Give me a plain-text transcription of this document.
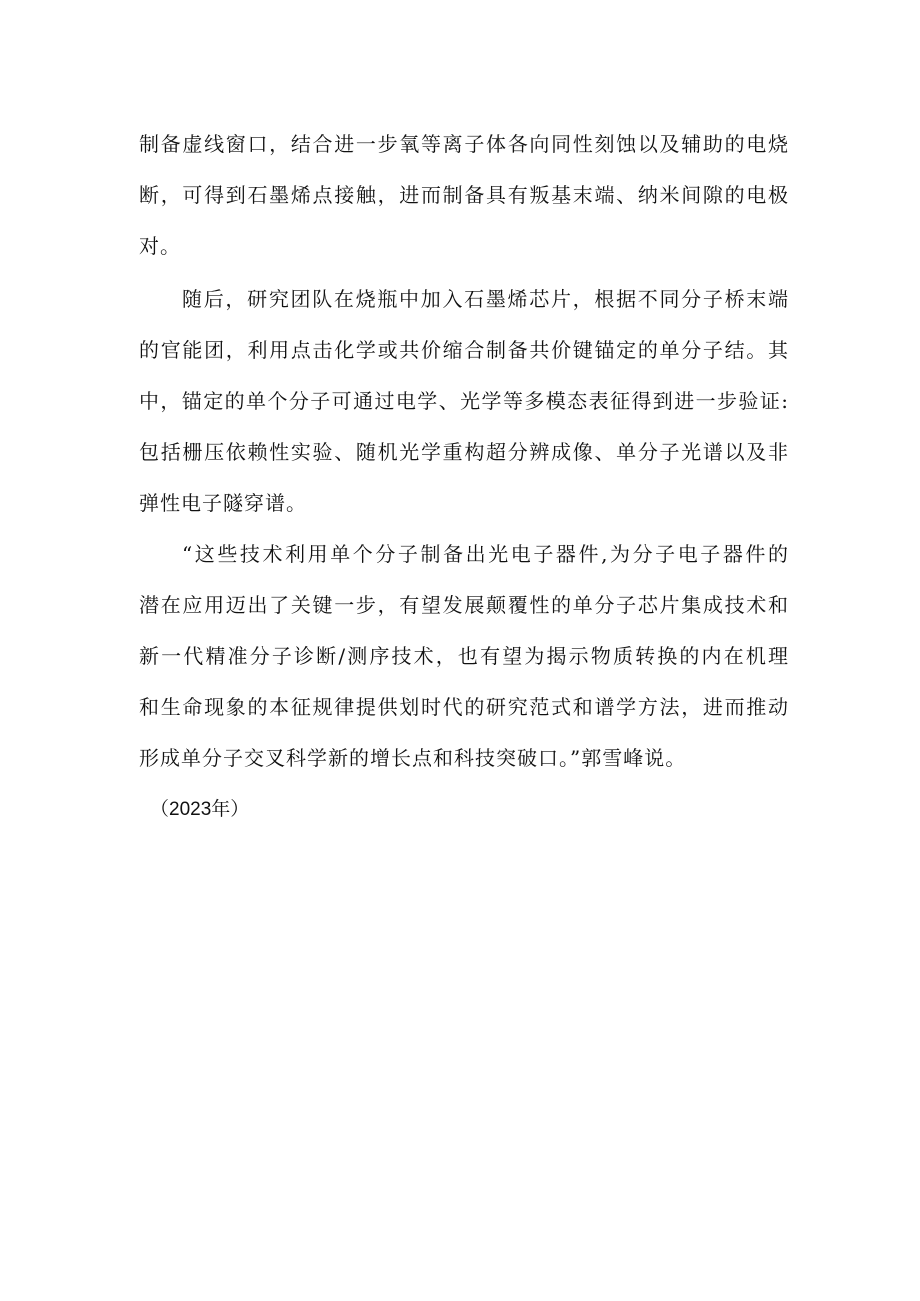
制备虚线窗口，结合进一步氧等离子体各向同性刻蚀以及辅助的电烧
断，可得到石墨烯点接触，进而制备具有叛基末端、纳米间隙的电极
对。
随后，研究团队在烧瓶中加入石墨烯芯片，根据不同分子桥末端
的官能团，利用点击化学或共价缩合制备共价键锚定的单分子结。其
中，锚定的单个分子可通过电学、光学等多模态表征得到进一步验证:
包括栅压依赖性实验、随机光学重构超分辨成像、单分子光谱以及非
弹性电子隧穿谱。
“这些技术利用单个分子制备出光电子器件,为分子电子器件的
潜在应用迈出了关键一步，有望发展颠覆性的单分子芯片集成技术和
新一代精准分子诊断/测序技术，也有望为揭示物质转换的内在机理
和生命现象的本征规律提供划时代的研究范式和谱学方法，进而推动
形成单分子交叉科学新的增长点和科技突破口。”郭雪峰说。
（2023年）
